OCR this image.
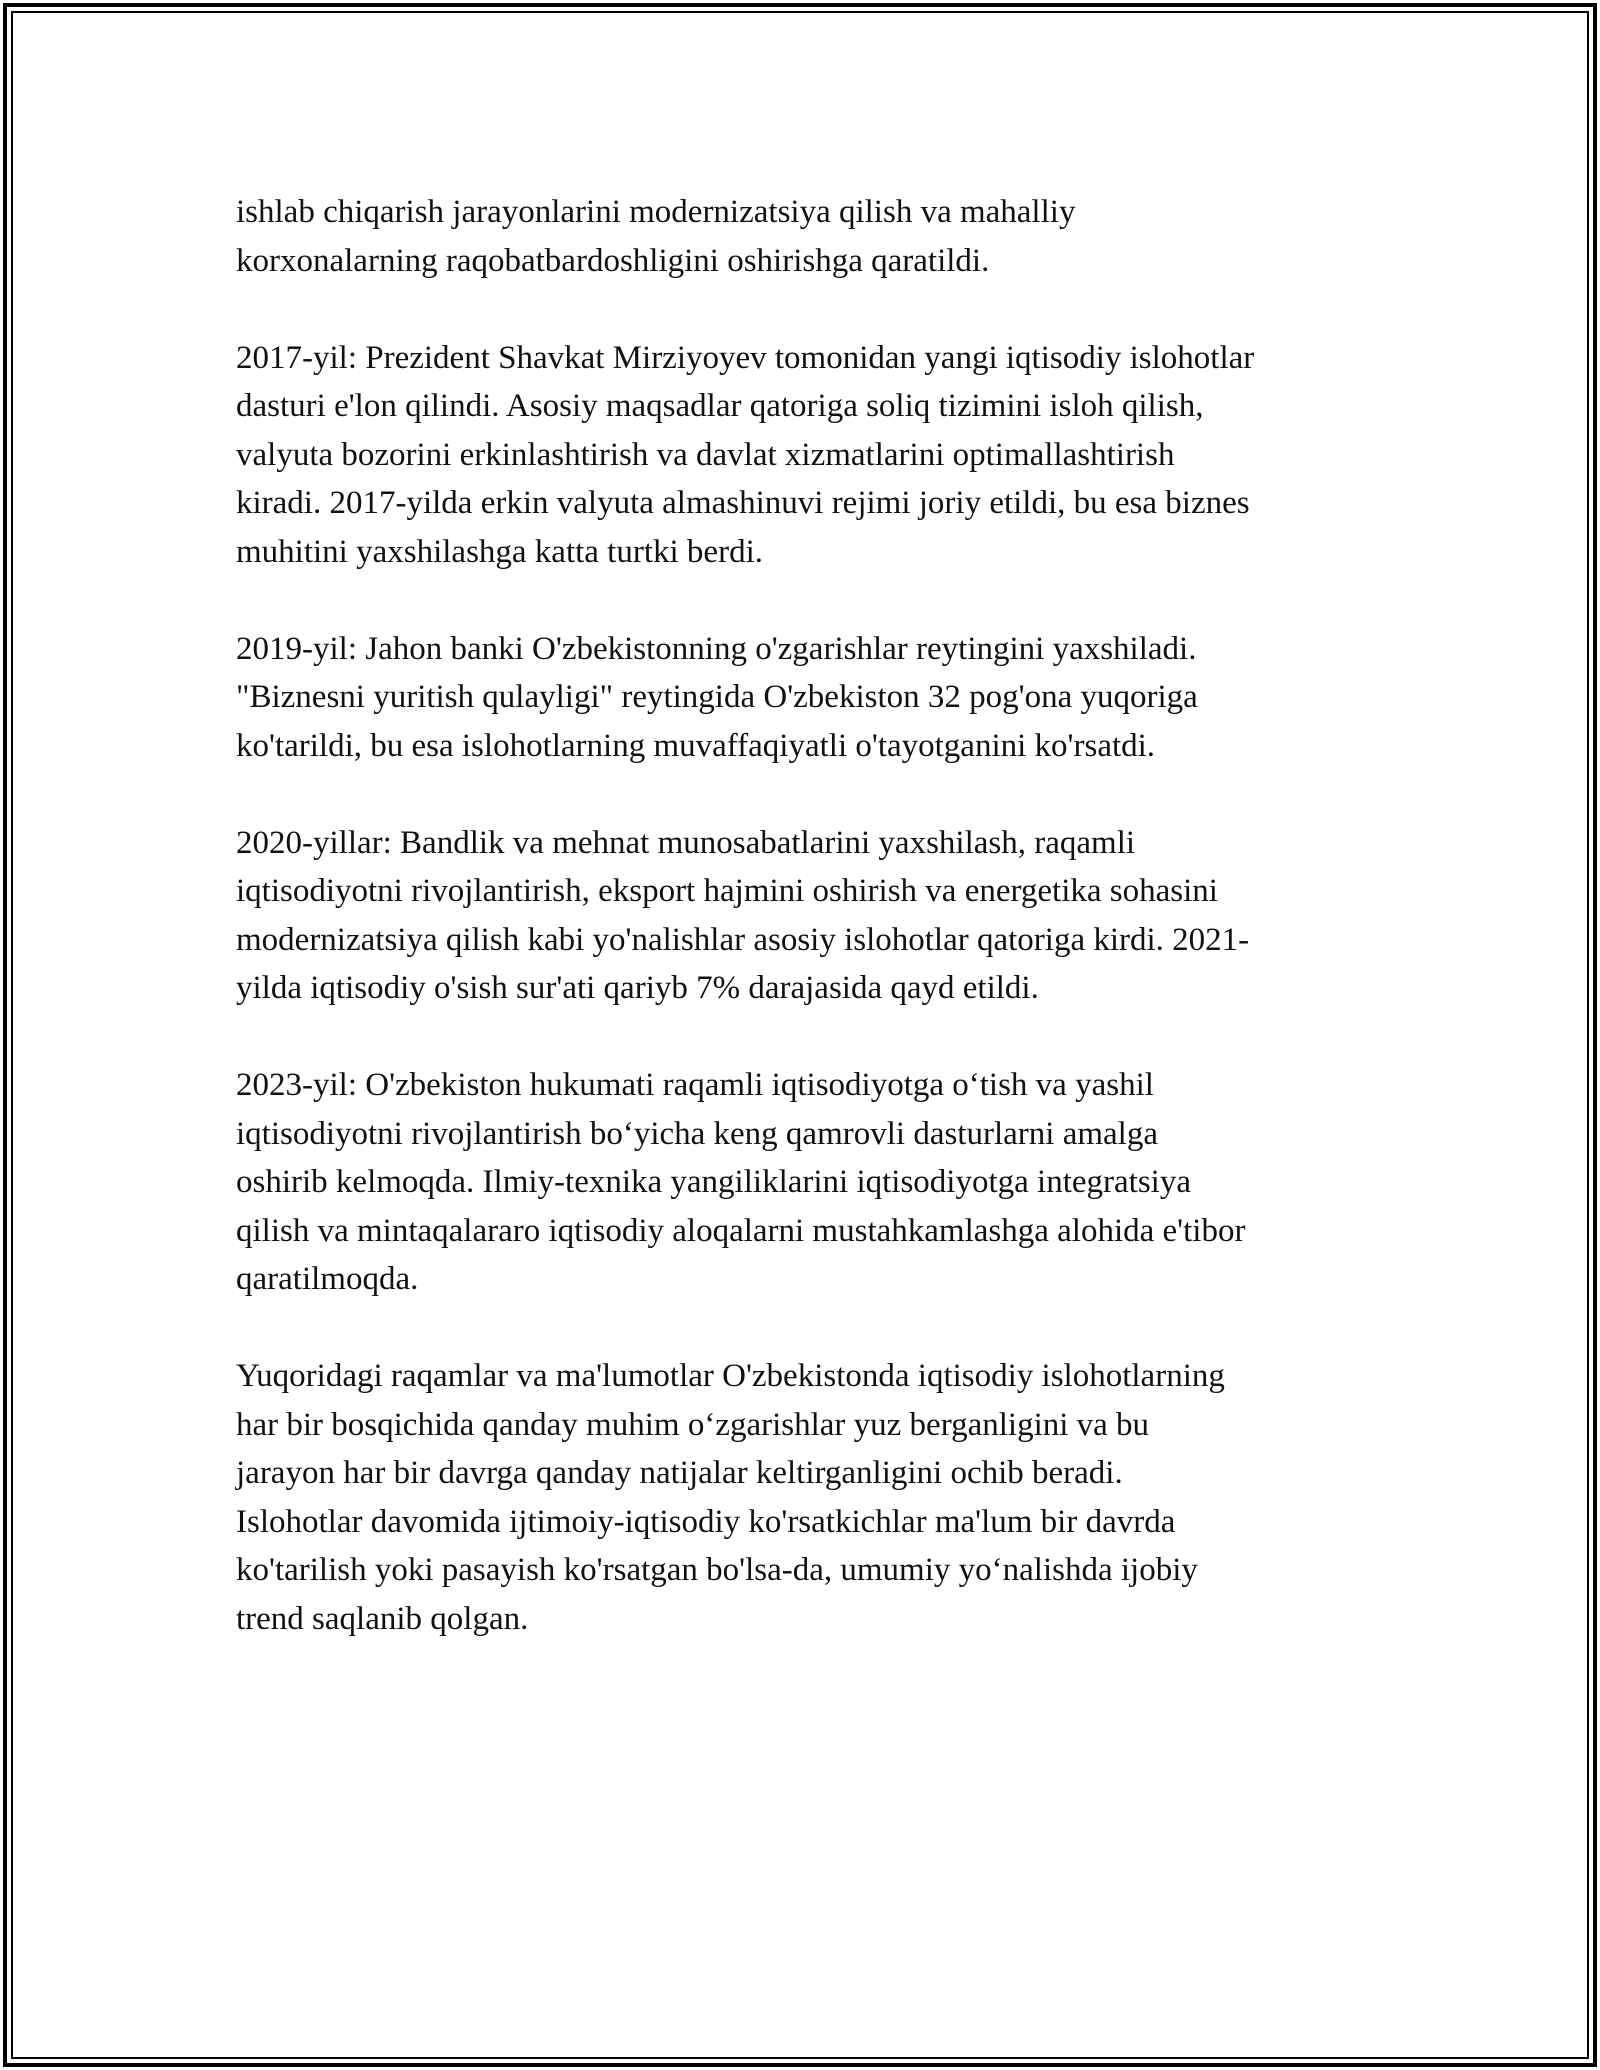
ishlab chiqarish jarayonlarini modernizatsiya qilish va mahalliy
korxonalarning raqobatbardoshligini oshirishga qaratildi.

2017-yil: Prezident Shavkat Mirziyoyev tomonidan yangi iqtisodiy islohotlar
dasturi e'lon qilindi. Asosiy maqsadlar qatoriga soliq tizimini isloh qilish,
valyuta bozorini erkinlashtirish va davlat xizmatlarini optimallashtirish
kiradi. 2017-yilda erkin valyuta almashinuvi rejimi joriy etildi, bu esa biznes
muhitini yaxshilashga katta turtki berdi.

2019-yil: Jahon banki O'zbekistonning o'zgarishlar reytingini yaxshiladi.
"Biznesni yuritish qulayligi" reytingida O'zbekiston 32 pog'ona yuqoriga
ko'tarildi, bu esa islohotlarning muvaffaqiyatli o'tayotganini ko'rsatdi.

2020-yillar: Bandlik va mehnat munosabatlarini yaxshilash, raqamli
iqtisodiyotni rivojlantirish, eksport hajmini oshirish va energetika sohasini
modernizatsiya qilish kabi yo'nalishlar asosiy islohotlar qatoriga kirdi. 2021-
yilda iqtisodiy o'sish sur'ati qariyb 7% darajasida qayd etildi.

2023-yil: O'zbekiston hukumati raqamli iqtisodiyotga o‘tish va yashil
iqtisodiyotni rivojlantirish bo‘yicha keng qamrovli dasturlarni amalga
oshirib kelmoqda. Ilmiy-texnika yangiliklarini iqtisodiyotga integratsiya
qilish va mintaqalararo iqtisodiy aloqalarni mustahkamlashga alohida e'tibor
qaratilmoqda.

Yuqoridagi raqamlar va ma'lumotlar O'zbekistonda iqtisodiy islohotlarning
har bir bosqichida qanday muhim o‘zgarishlar yuz berganligini va bu
jarayon har bir davrga qanday natijalar keltirganligini ochib beradi.
Islohotlar davomida ijtimoiy-iqtisodiy ko'rsatkichlar ma'lum bir davrda
ko'tarilish yoki pasayish ko'rsatgan bo'lsa-da, umumiy yo‘nalishda ijobiy
trend saqlanib qolgan.
